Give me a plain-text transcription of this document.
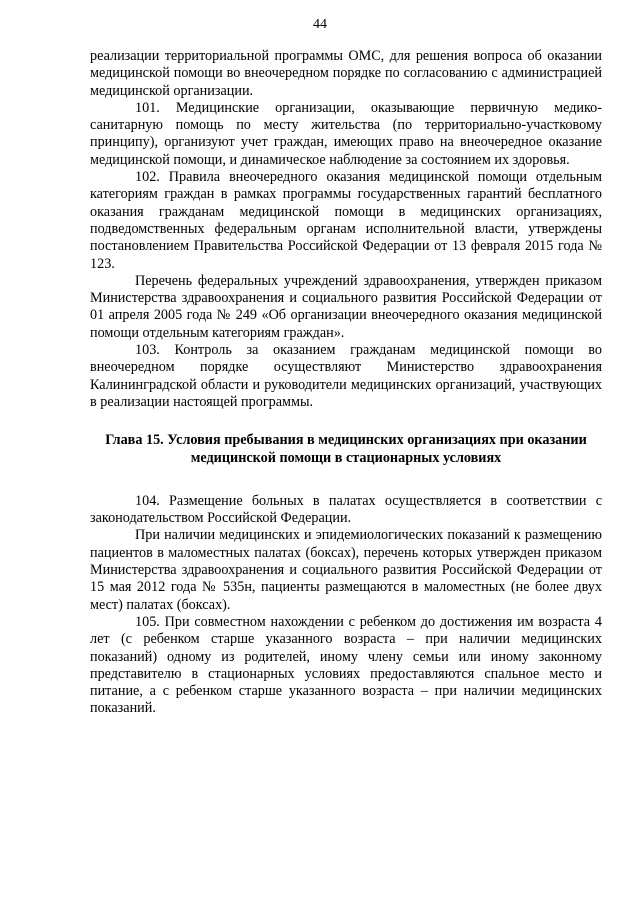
44

реализации территориальной программы ОМС, для решения вопроса об оказании медицинской помощи во внеочередном порядке по согласованию с администрацией медицинской организации.

101. Медицинские организации, оказывающие первичную медико-санитарную помощь по месту жительства (по территориально-участковому принципу), организуют учет граждан, имеющих право на внеочередное оказание медицинской помощи, и динамическое наблюдение за состоянием их здоровья.

102. Правила внеочередного оказания медицинской помощи отдельным категориям граждан в рамках программы государственных гарантий бесплатного оказания гражданам медицинской помощи в медицинских организациях, подведомственных федеральным органам исполнительной власти, утверждены постановлением Правительства Российской Федерации от 13 февраля 2015 года № 123.

Перечень федеральных учреждений здравоохранения, утвержден приказом Министерства здравоохранения и социального развития Российской Федерации от 01 апреля 2005 года № 249 «Об организации внеочередного оказания медицинской помощи отдельным категориям граждан».

103. Контроль за оказанием гражданам медицинской помощи во внеочередном порядке осуществляют Министерство здравоохранения Калининградской области и руководители медицинских организаций, участвующих в реализации настоящей программы.

Глава 15. Условия пребывания в медицинских организациях при оказании медицинской помощи в стационарных условиях

104. Размещение больных в палатах осуществляется в соответствии с законодательством Российской Федерации.

При наличии медицинских и эпидемиологических показаний к размещению пациентов в маломестных палатах (боксах), перечень которых утвержден приказом Министерства здравоохранения и социального развития Российской Федерации от 15 мая 2012 года № 535н, пациенты размещаются в маломестных (не более двух мест) палатах (боксах).

105. При совместном нахождении с ребенком до достижения им возраста 4 лет (с ребенком старше указанного возраста – при наличии медицинских показаний) одному из родителей, иному члену семьи или иному законному представителю в стационарных условиях предоставляются спальное место и питание, а с ребенком старше указанного возраста – при наличии медицинских показаний.
